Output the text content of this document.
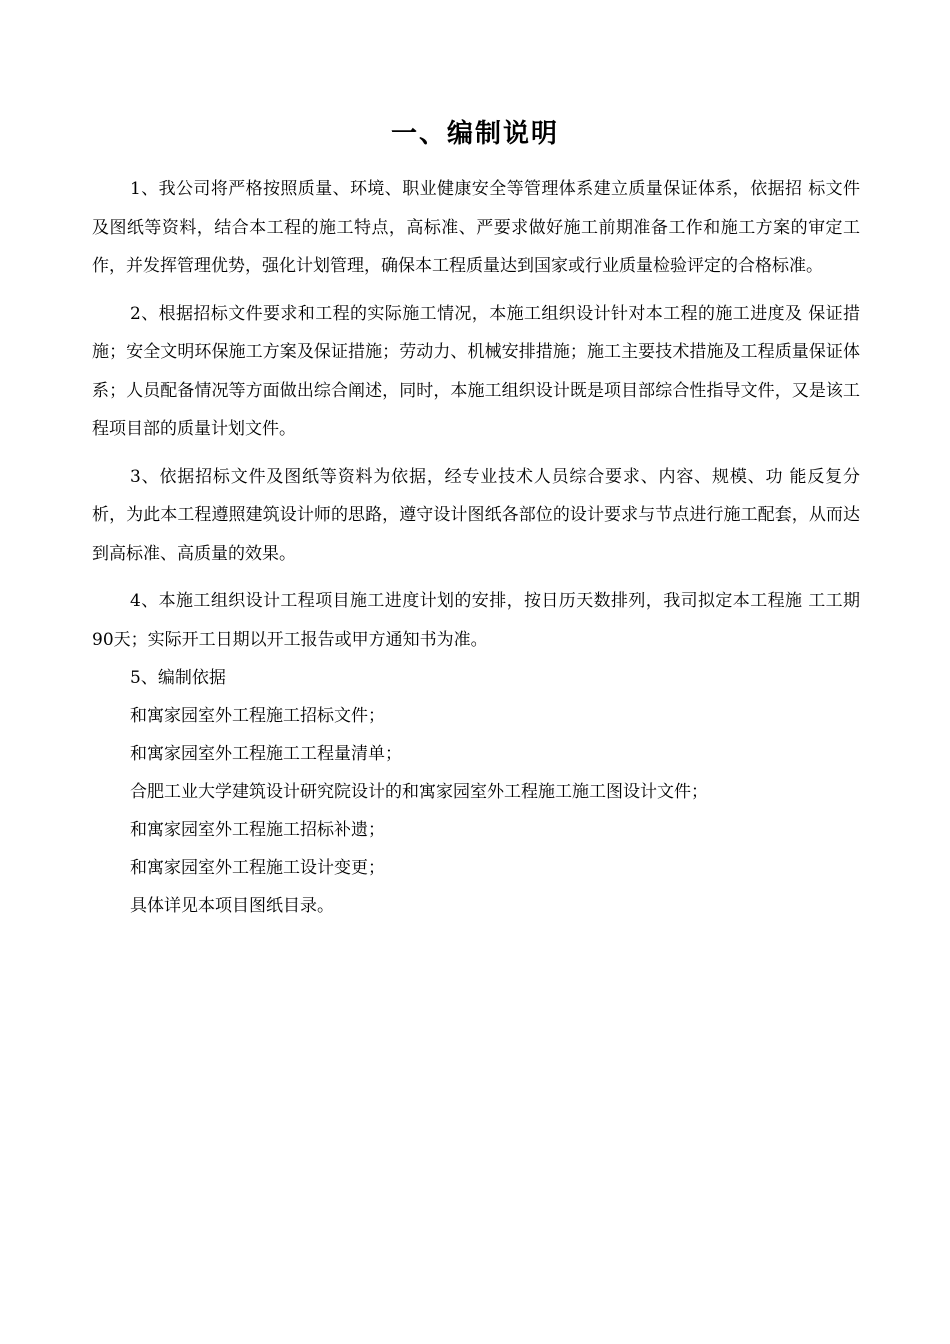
一、编制说明

1、我公司将严格按照质量、环境、职业健康安全等管理体系建立质量保证体系，依据招 标文件及图纸等资料，结合本工程的施工特点，高标准、严要求做好施工前期准备工作和施工方案的审定工作，并发挥管理优势，强化计划管理，确保本工程质量达到国家或行业质量检验评定的合格标准。

2、根据招标文件要求和工程的实际施工情况，本施工组织设计针对本工程的施工进度及 保证措施；安全文明环保施工方案及保证措施；劳动力、机械安排措施；施工主要技术措施及工程质量保证体系；人员配备情况等方面做出综合阐述，同时，本施工组织设计既是项目部综合性指导文件，又是该工程项目部的质量计划文件。

3、依据招标文件及图纸等资料为依据，经专业技术人员综合要求、内容、规模、功 能反复分析，为此本工程遵照建筑设计师的思路，遵守设计图纸各部位的设计要求与节点进行施工配套，从而达到高标准、高质量的效果。

4、本施工组织设计工程项目施工进度计划的安排，按日历天数排列，我司拟定本工程施 工工期90天；实际开工日期以开工报告或甲方通知书为准。

5、编制依据

和寓家园室外工程施工招标文件；

和寓家园室外工程施工工程量清单；

合肥工业大学建筑设计研究院设计的和寓家园室外工程施工施工图设计文件；

和寓家园室外工程施工招标补遗；

和寓家园室外工程施工设计变更；

具体详见本项目图纸目录。
